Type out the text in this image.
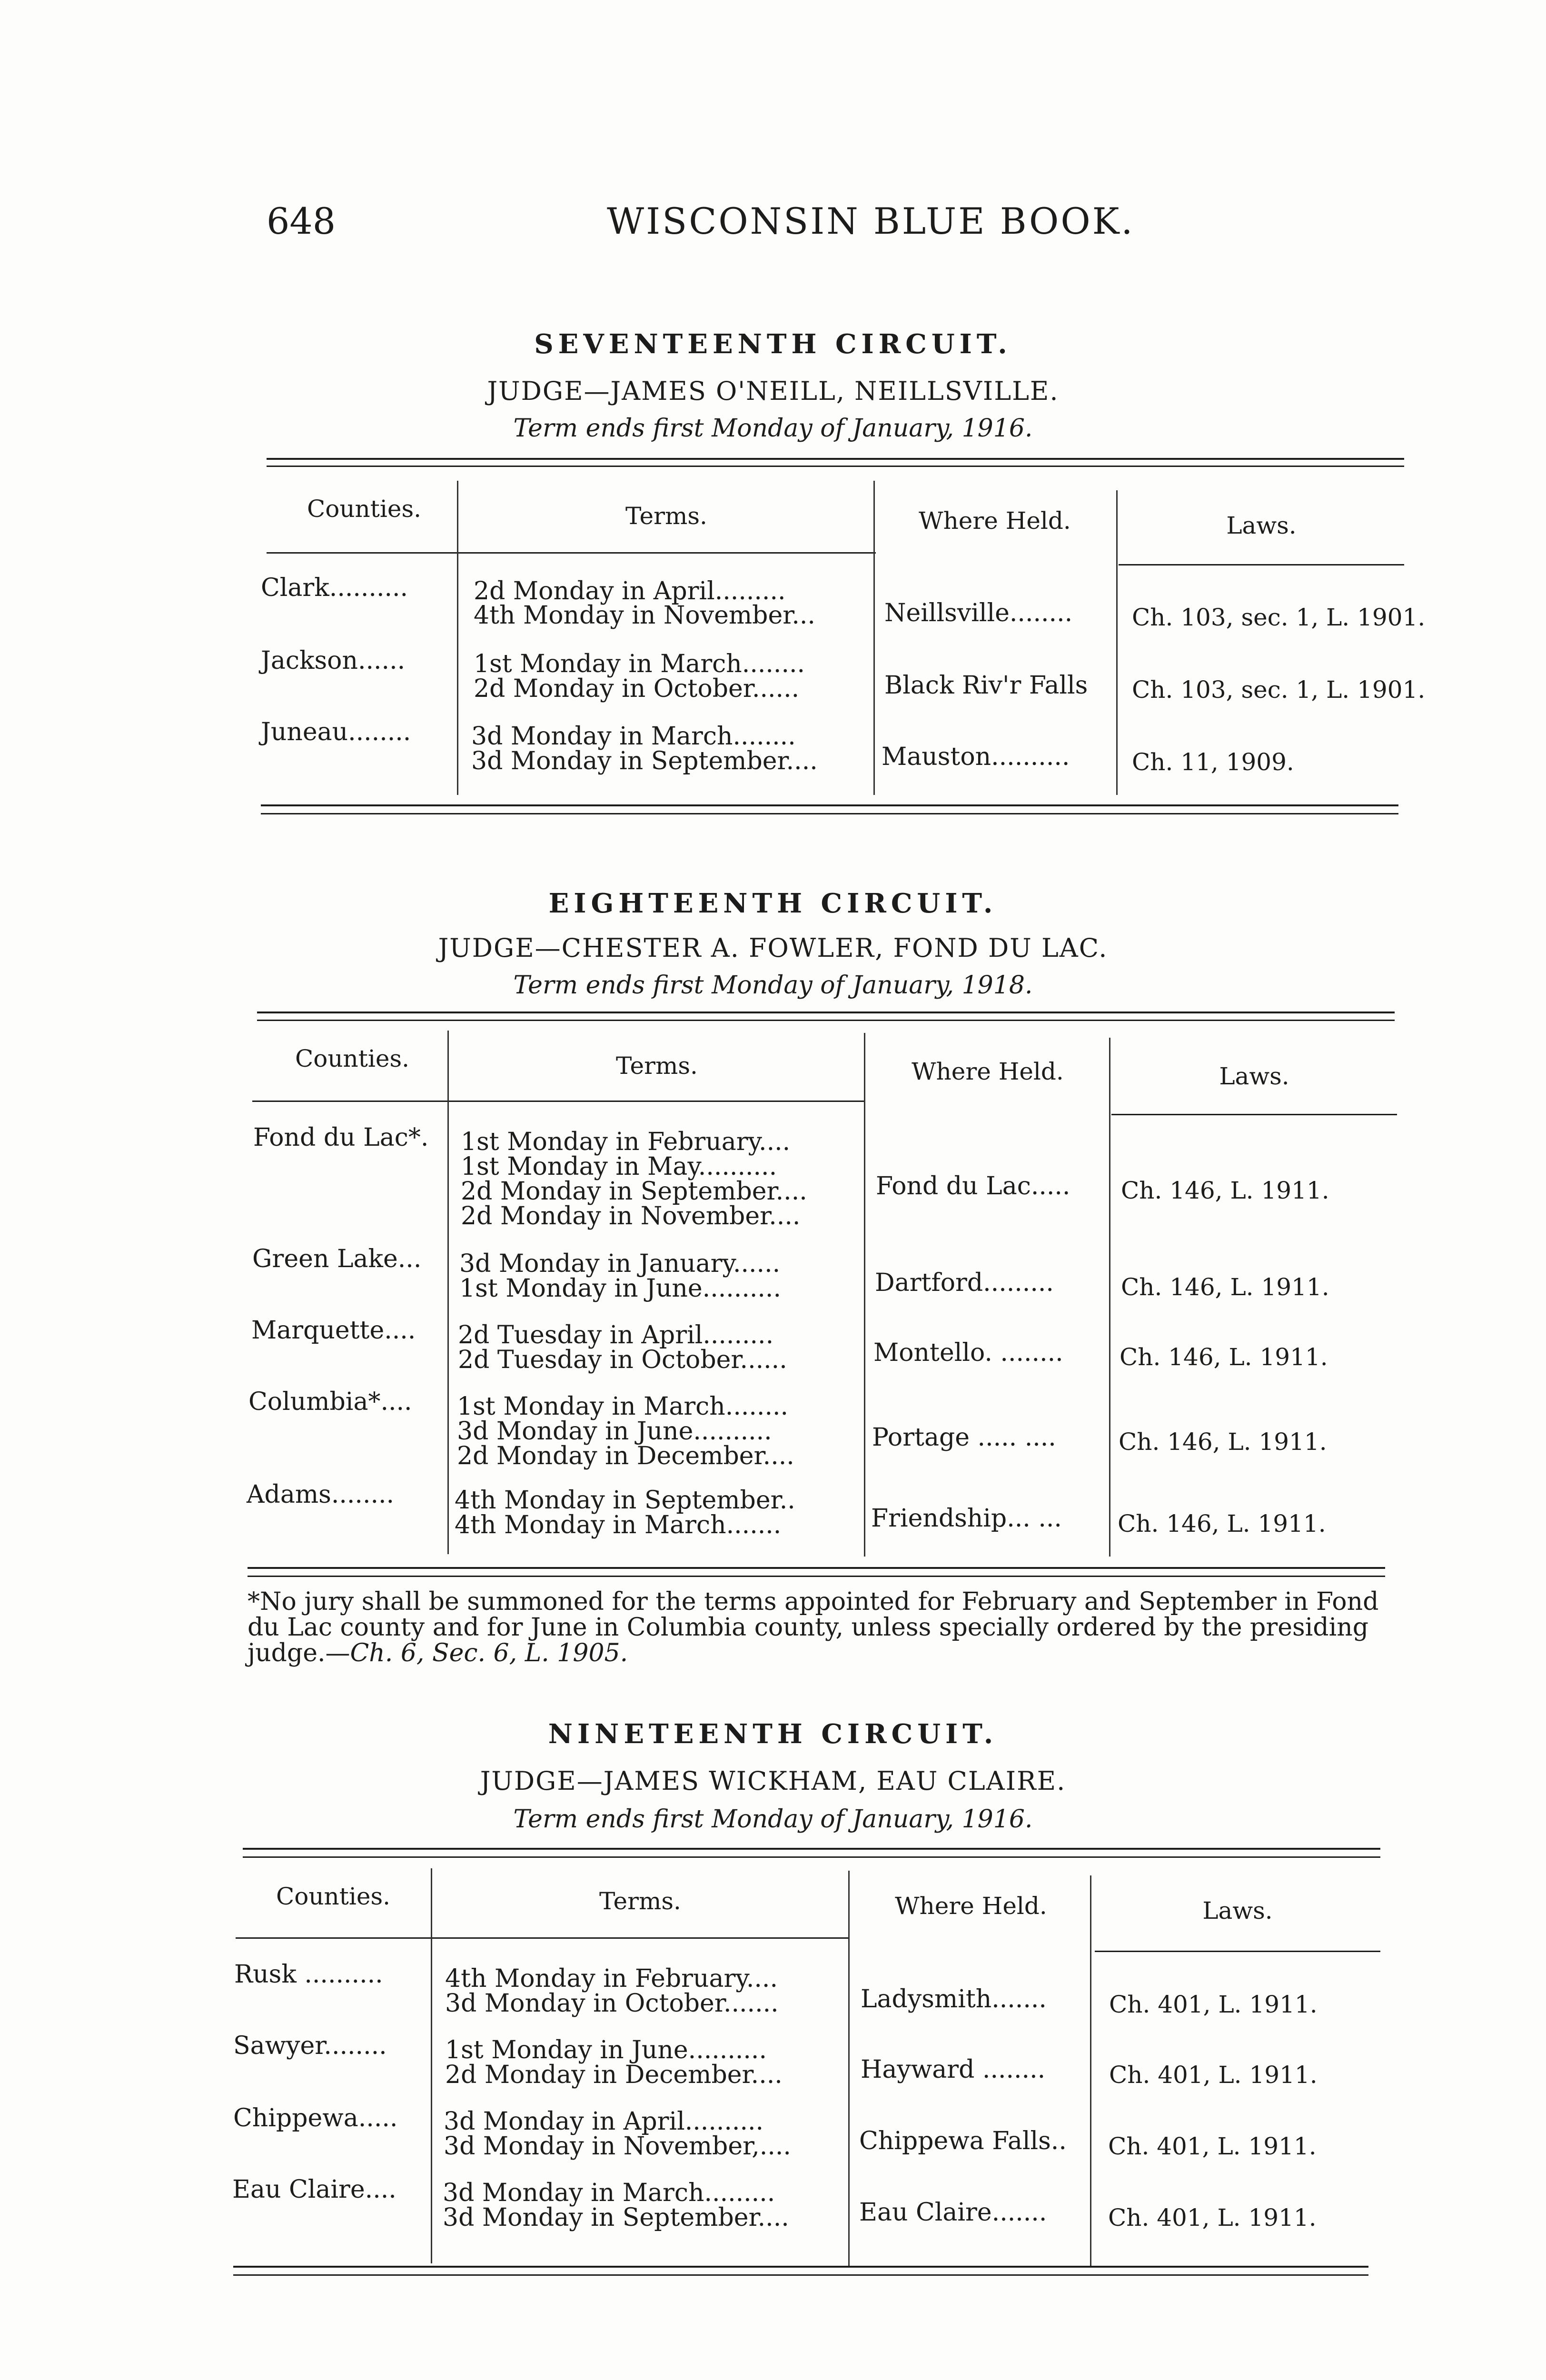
648	WISCONSIN BLUE BOOK.
SEVENTEENTH CIRCUIT.
JUDGE—JAMES O'NEILL, NEILLSVILLE.
Term ends first Monday of January, 1916.
Counties.	Terms.	Where Held.	Laws.
Clark..........	2d Monday in April.........
4th Monday in November...	Neillsville........ Ch. 103, sec. 1, L. 1901.
Jackson......	1st Monday in March........
2d Monday in October......	Black Riv'r Falls Ch. 103, sec. 1, L. 1901.
Juneau........ 3d Monday in March........
3d Monday in September....	Mauston..........	Ch. 11, 1909.
EIGHTEENTH CIRCUIT.
JUDGE—CHESTER A. FOWLER, FOND DU LAC.
Term ends first Monday of January, 1918.
Counties.	Terms.	Where Held.	Laws.
Fond du Lac*. 1st Monday in February....
1st Monday in May..........
2d Monday in September....
2d Monday in November....
Fond du Lac..... Ch. 146, L. 1911.
Green Lake... 3d Monday in January......
1st Monday in June..........	Dartford.........	Ch. 146, L. 1911.
Marquette.... 2d Tuesday in April.........
2d Tuesday in October......	Montello. ........ Ch. 146, L. 1911.
Columbia*.... 1st Monday in March........
3d Monday in June..........
2d Monday in December....
Portage ..... ....	Ch. 146, L. 1911.
Adams........ 4th Monday in September..
4th Monday in March.......	Friendship... ... Ch. 146, L. 1911.
*No jury shall be summoned for the terms appointed for February and September in Fond du Lac county and for June in Columbia county, unless specially ordered by the presiding judge.—Ch. 6, Sec. 6, L. 1905.
NINETEENTH CIRCUIT.
JUDGE—JAMES WICKHAM, EAU CLAIRE.
Term ends first Monday of January, 1916.
Counties.	Terms.	Where Held.	Laws.
Rusk ..........	4th Monday in February....
3d Monday in October.......	Ladysmith.......	Ch. 401, L. 1911.
Sawyer........ 1st Monday in June..........
2d Monday in December....	Hayward ........	Ch. 401, L. 1911.
Chippewa..... 3d Monday in April..........
3d Monday in November,....	Chippewa Falls.. Ch. 401, L. 1911.
Eau Claire.... 3d Monday in March.........
3d Monday in September....	Eau Claire.......	Ch. 401, L. 1911.
